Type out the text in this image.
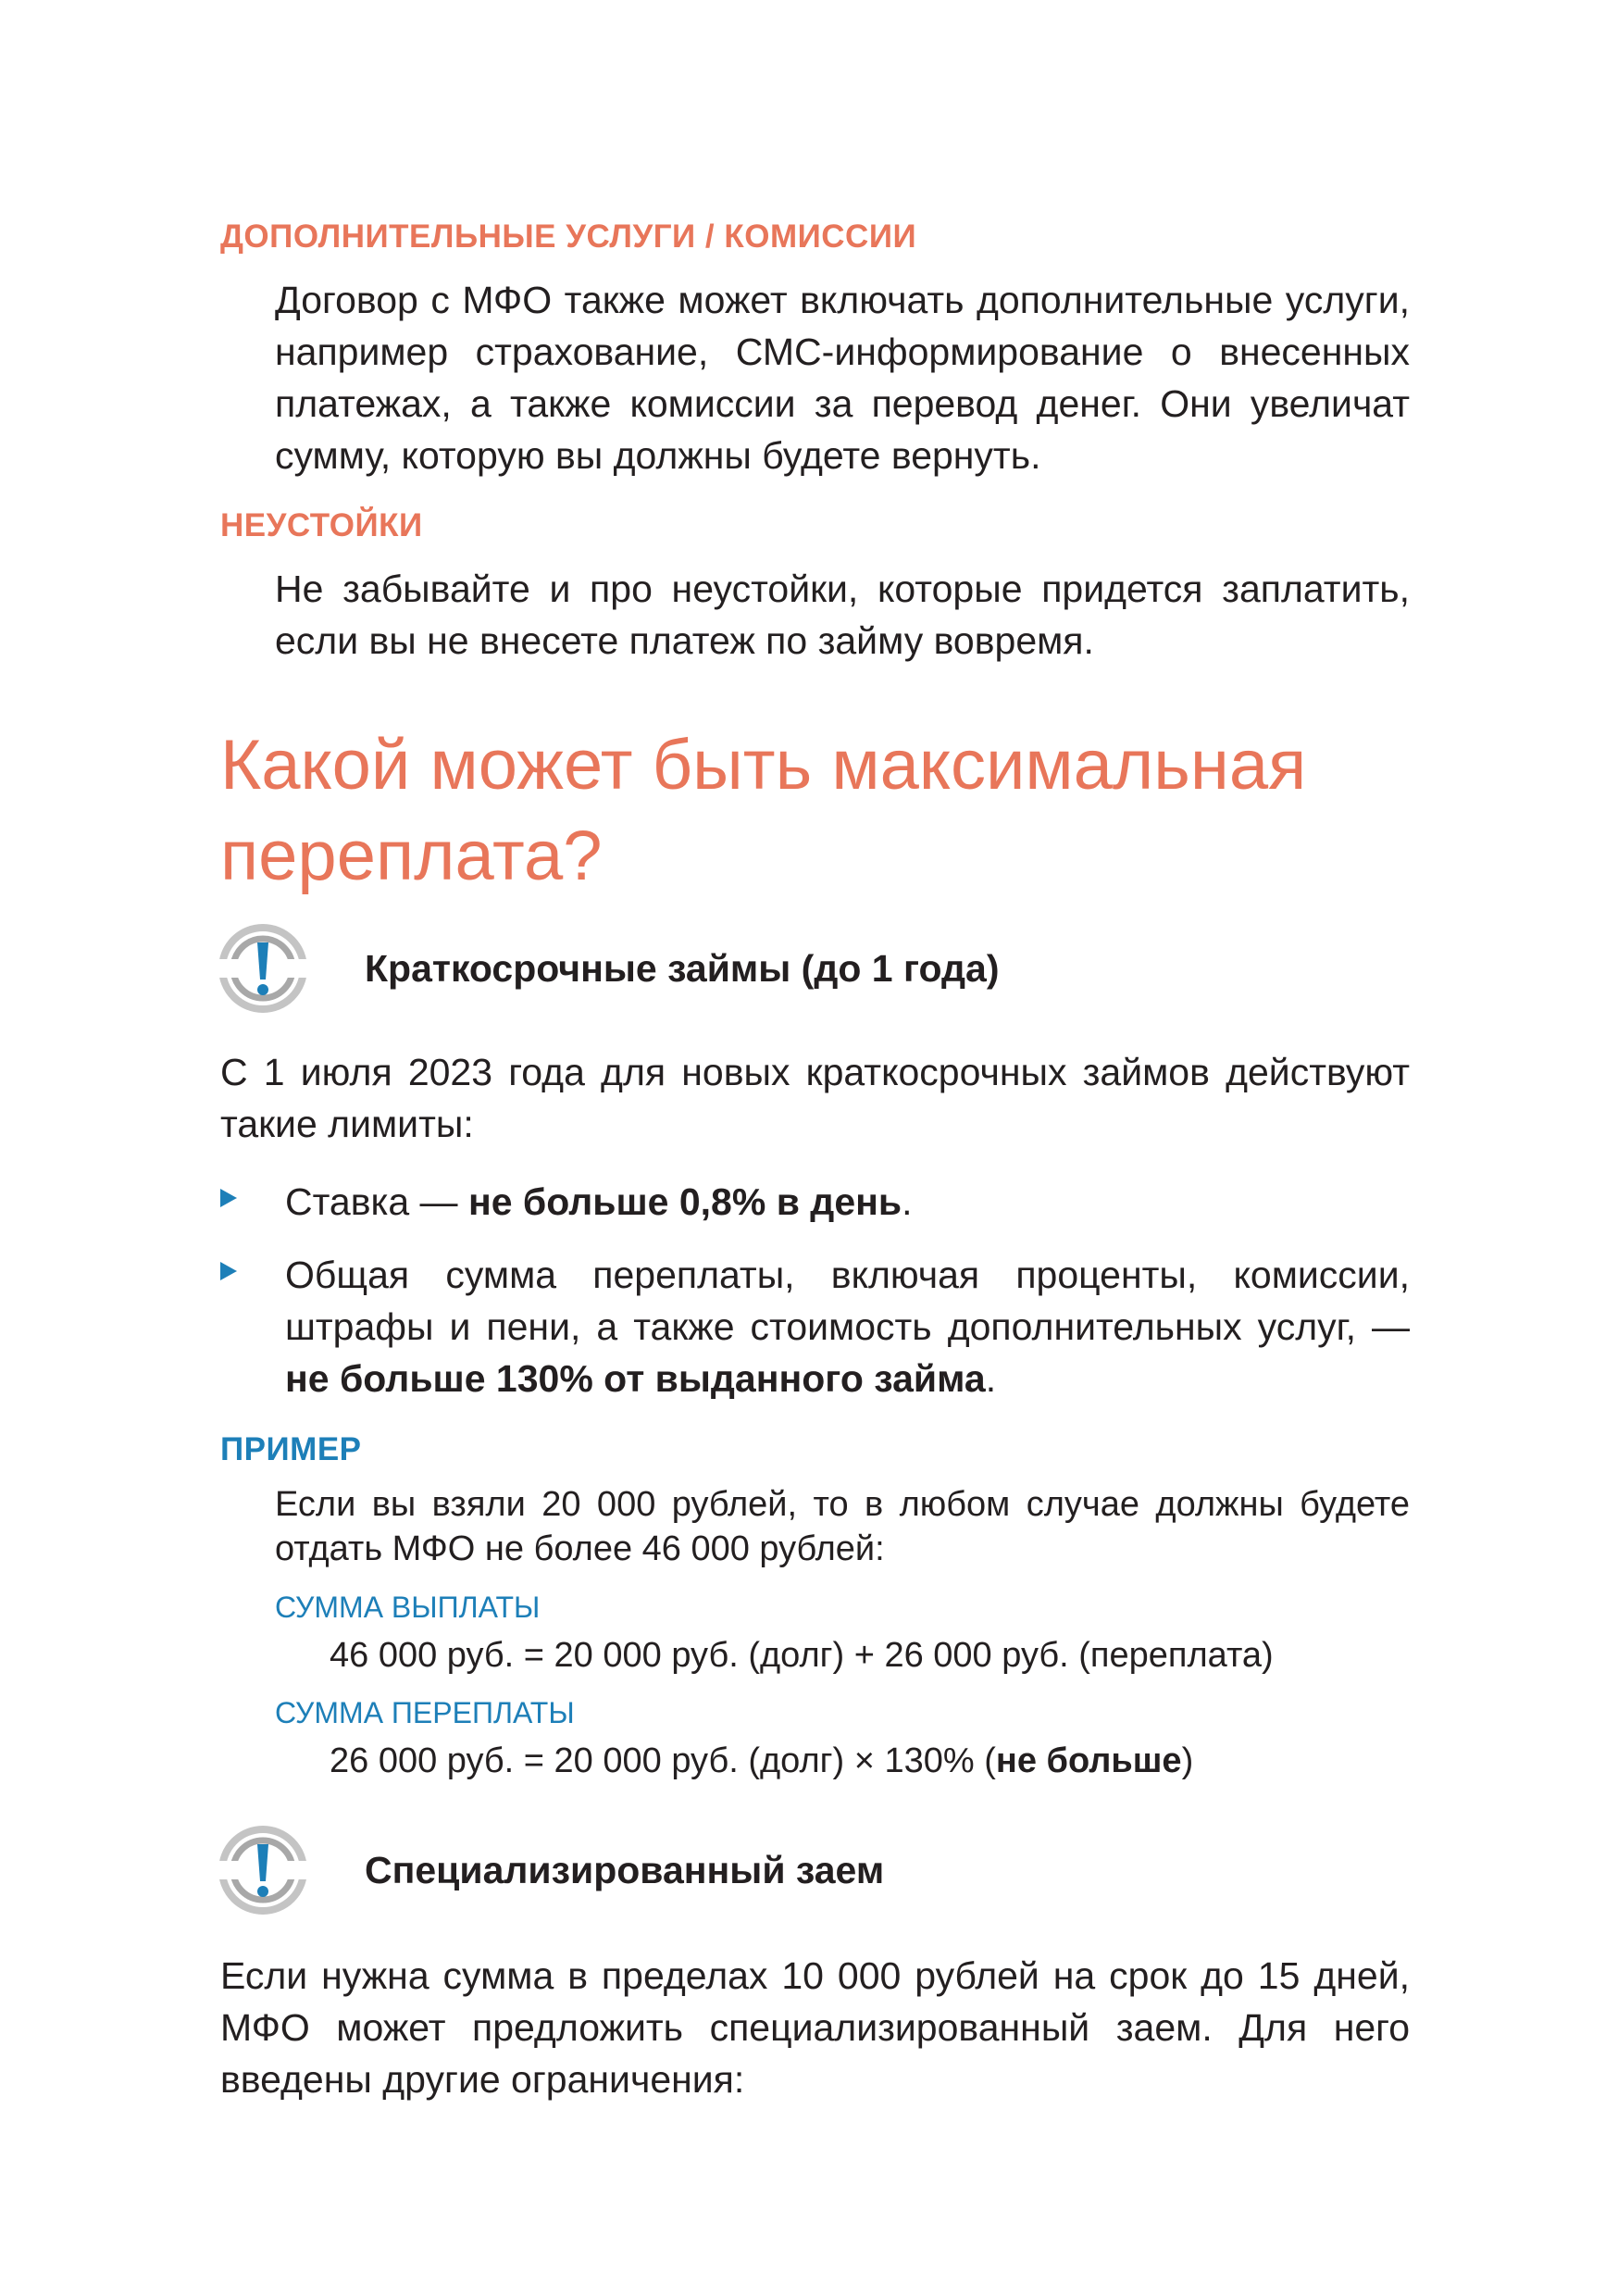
ДОПОЛНИТЕЛЬНЫЕ УСЛУГИ / КОМИССИИ

Договор с МФО также может включать дополнительные услуги, например страхование, СМС-информирование о внесенных платежах, а также комиссии за перевод денег. Они увеличат сумму, которую вы должны будете вернуть.

НЕУСТОЙКИ

Не забывайте и про неустойки, которые придется заплатить, если вы не внесете платеж по займу вовремя.

Какой может быть максимальная переплата?
Краткосрочные займы (до 1 года)

С 1 июля 2023 года для новых краткосрочных займов действуют такие лимиты:

Ставка — не больше 0,8% в день.

Общая сумма переплаты, включая проценты, комиссии, штрафы и пени, а также стоимость дополнительных услуг, — не больше 130% от выданного займа.

ПРИМЕР

Если вы взяли 20 000 рублей, то в любом случае должны будете отдать МФО не более 46 000 рублей:

СУММА ВЫПЛАТЫ

46 000 руб. = 20 000 руб. (долг) + 26 000 руб. (переплата)

СУММА ПЕРЕПЛАТЫ

26 000 руб. = 20 000 руб. (долг) × 130% (не больше)

Специализированный заем

Если нужна сумма в пределах 10 000 рублей на срок до 15 дней, МФО может предложить специализированный заем. Для него введены другие ограничения:
